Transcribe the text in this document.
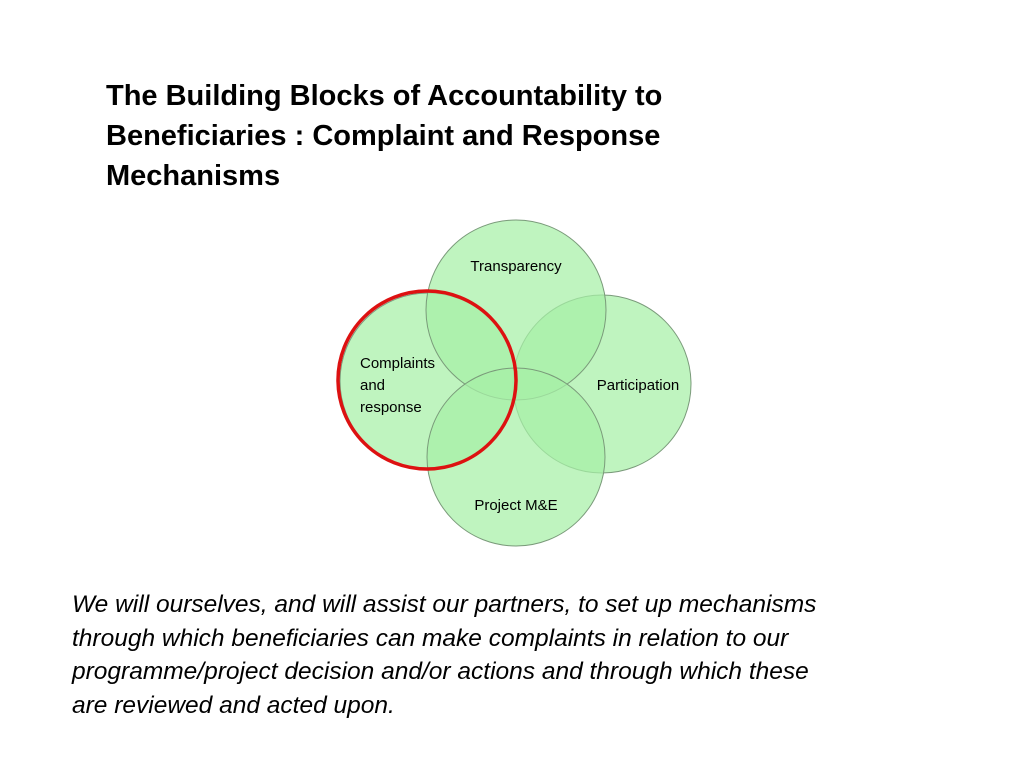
The Building Blocks of Accountability to
Beneficiaries : Complaint and Response
Mechanisms
Transparency
Participation
Project M&E
Complaints
and
response
We will ourselves, and will assist our partners, to set up mechanisms
through which beneficiaries can make complaints in relation to our
programme/project decision and/or actions and through which these
are reviewed and acted upon.
